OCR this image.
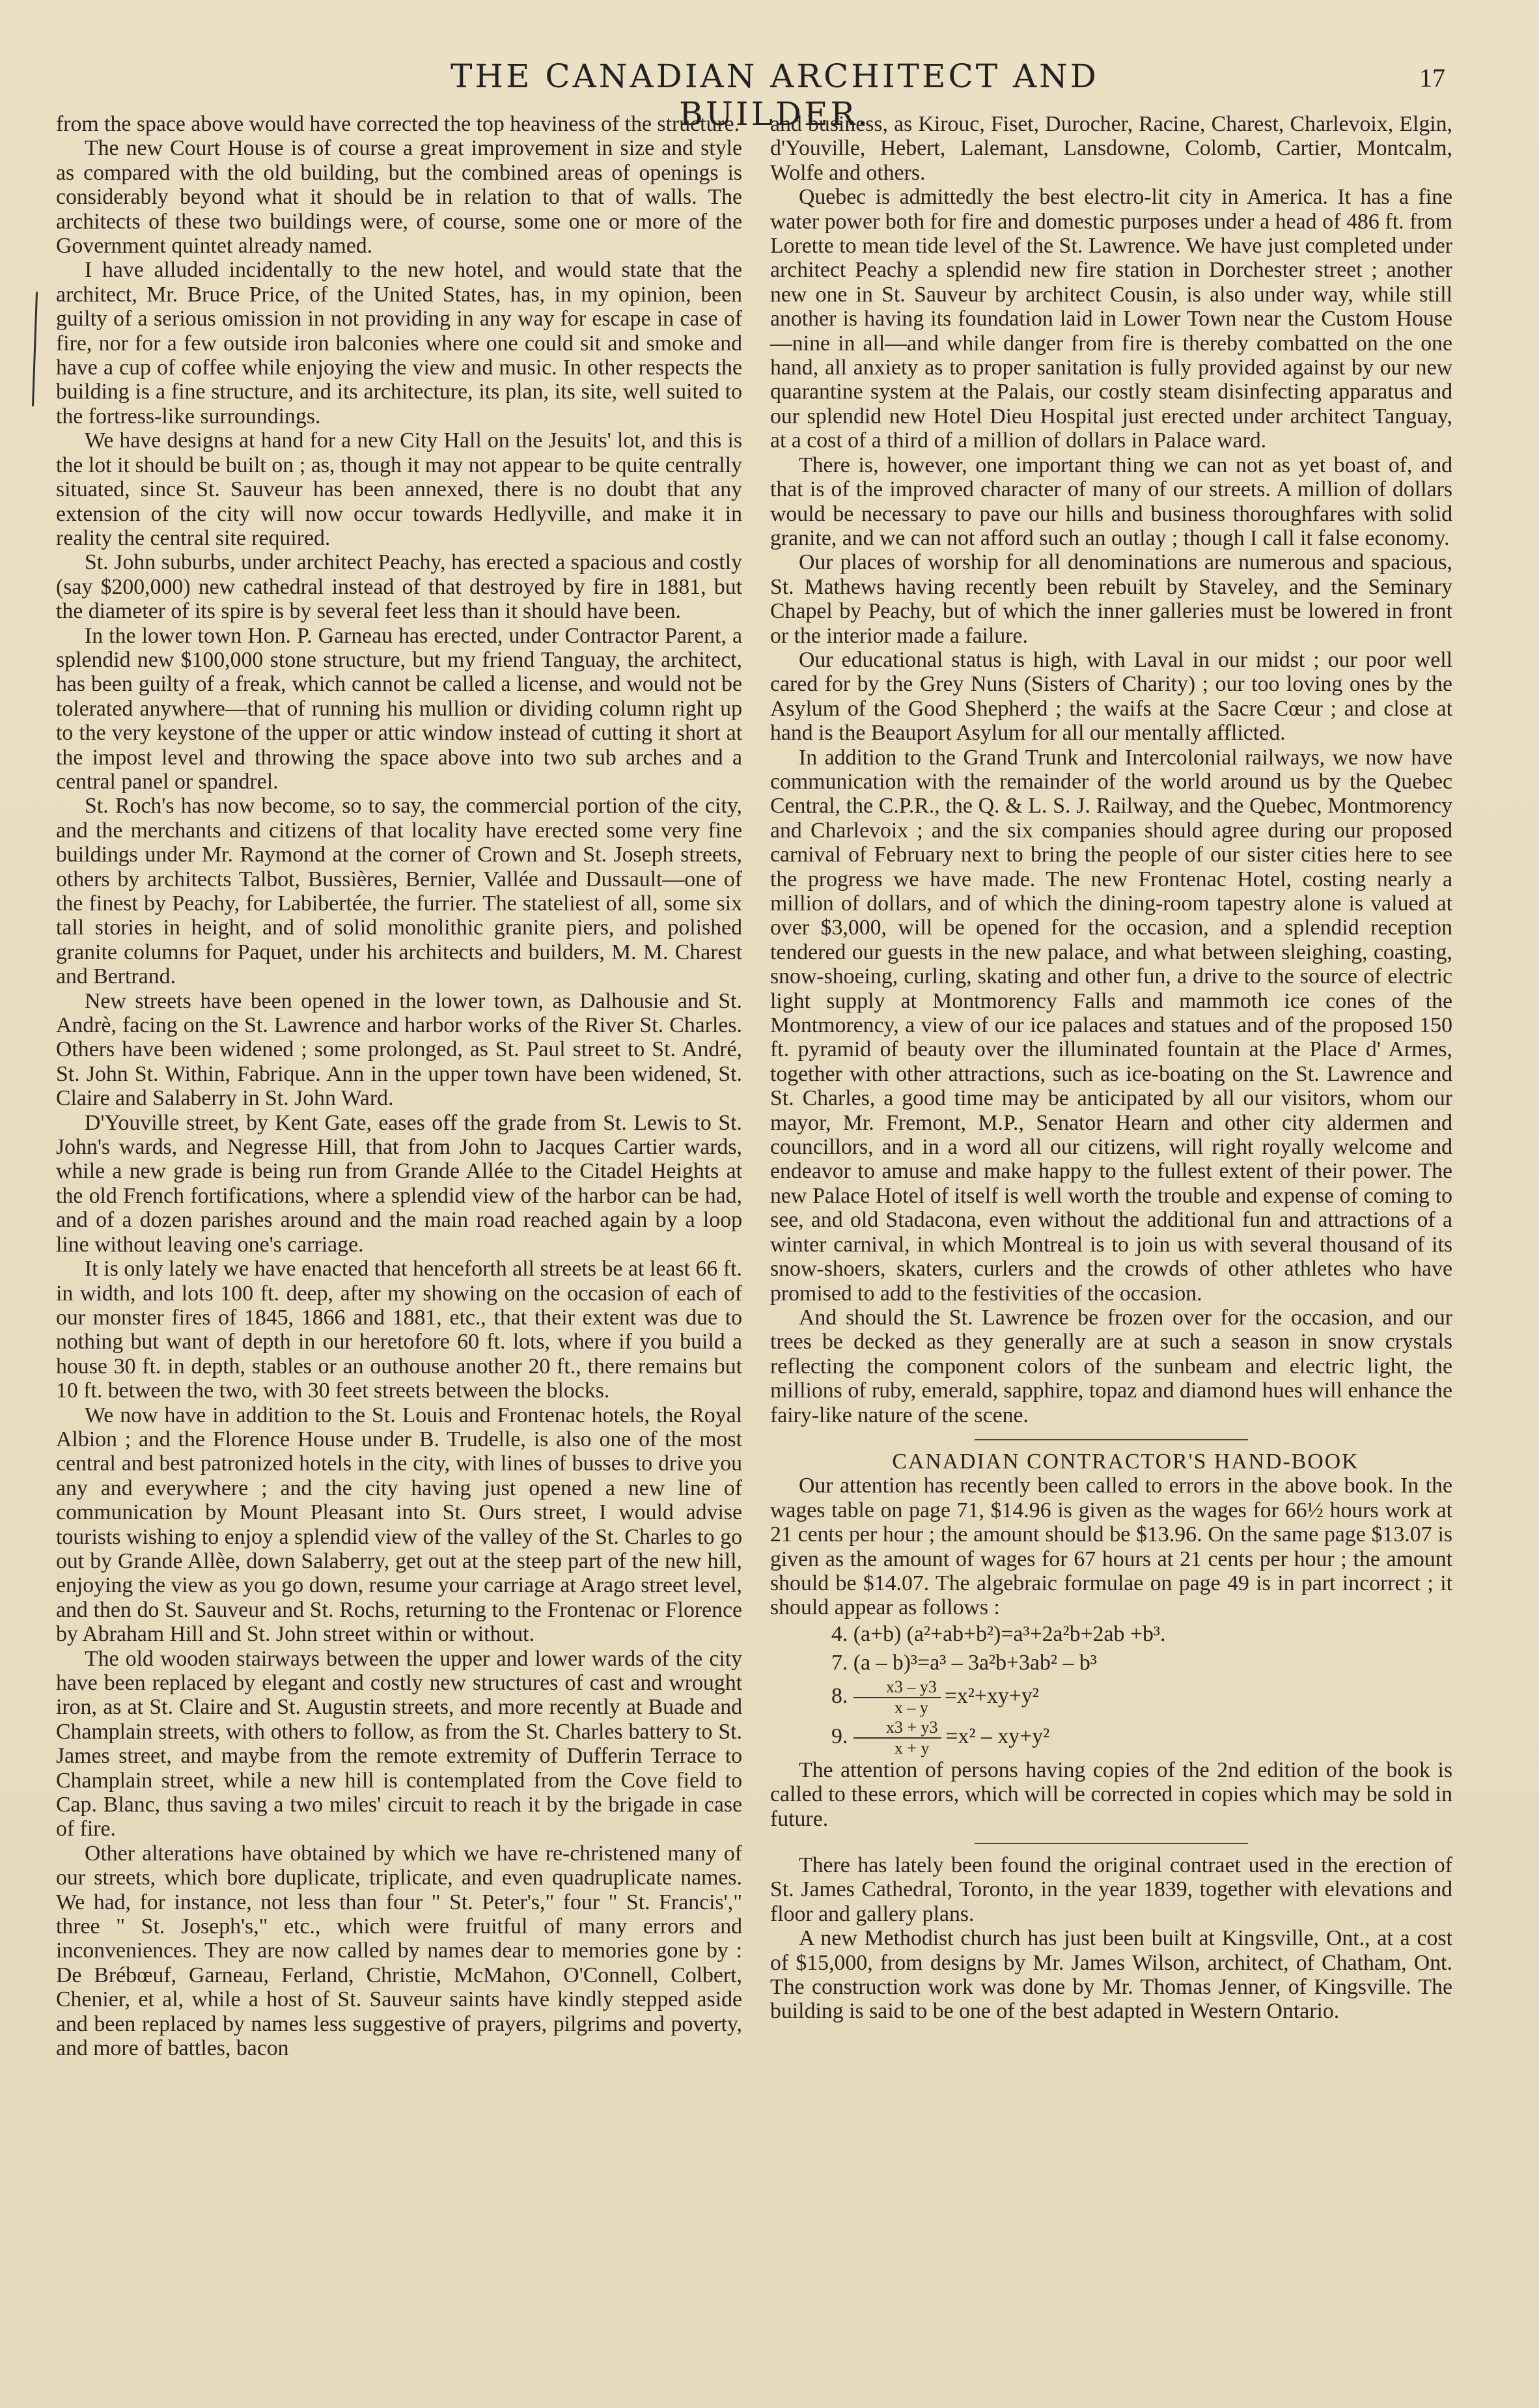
THE CANADIAN ARCHITECT AND BUILDER.
17

from the space above would have corrected the top heaviness of the structure.

The new Court House is of course a great improvement in size and style as compared with the old building, but the combined areas of openings is considerably beyond what it should be in relation to that of walls. The architects of these two buildings were, of course, some one or more of the Government quintet already named.

I have alluded incidentally to the new hotel, and would state that the architect, Mr. Bruce Price, of the United States, has, in my opinion, been guilty of a serious omission in not providing in any way for escape in case of fire, nor for a few outside iron balconies where one could sit and smoke and have a cup of coffee while enjoying the view and music. In other respects the building is a fine structure, and its architecture, its plan, its site, well suited to the fortress-like surroundings.

We have designs at hand for a new City Hall on the Jesuits' lot, and this is the lot it should be built on ; as, though it may not appear to be quite centrally situated, since St. Sauveur has been annexed, there is no doubt that any extension of the city will now occur towards Hedlyville, and make it in reality the central site required.

St. John suburbs, under architect Peachy, has erected a spacious and costly (say $200,000) new cathedral instead of that destroyed by fire in 1881, but the diameter of its spire is by several feet less than it should have been.

In the lower town Hon. P. Garneau has erected, under Contractor Parent, a splendid new $100,000 stone structure, but my friend Tanguay, the architect, has been guilty of a freak, which cannot be called a license, and would not be tolerated anywhere—that of running his mullion or dividing column right up to the very keystone of the upper or attic window instead of cutting it short at the impost level and throwing the space above into two sub arches and a central panel or spandrel.

St. Roch's has now become, so to say, the commercial portion of the city, and the merchants and citizens of that locality have erected some very fine buildings under Mr. Raymond at the corner of Crown and St. Joseph streets, others by architects Talbot, Bussières, Bernier, Vallée and Dussault—one of the finest by Peachy, for Labibertée, the furrier. The stateliest of all, some six tall stories in height, and of solid monolithic granite piers, and polished granite columns for Paquet, under his architects and builders, M. M. Charest and Bertrand.

New streets have been opened in the lower town, as Dalhousie and St. Andrè, facing on the St. Lawrence and harbor works of the River St. Charles. Others have been widened ; some prolonged, as St. Paul street to St. André, St. John St. Within, Fabrique. Ann in the upper town have been widened, St. Claire and Salaberry in St. John Ward.

D'Youville street, by Kent Gate, eases off the grade from St. Lewis to St. John's wards, and Negresse Hill, that from John to Jacques Cartier wards, while a new grade is being run from Grande Allée to the Citadel Heights at the old French fortifications, where a splendid view of the harbor can be had, and of a dozen parishes around and the main road reached again by a loop line without leaving one's carriage.

It is only lately we have enacted that henceforth all streets be at least 66 ft. in width, and lots 100 ft. deep, after my showing on the occasion of each of our monster fires of 1845, 1866 and 1881, etc., that their extent was due to nothing but want of depth in our heretofore 60 ft. lots, where if you build a house 30 ft. in depth, stables or an outhouse another 20 ft., there remains but 10 ft. between the two, with 30 feet streets between the blocks.

We now have in addition to the St. Louis and Frontenac hotels, the Royal Albion ; and the Florence House under B. Trudelle, is also one of the most central and best patronized hotels in the city, with lines of busses to drive you any and everywhere ; and the city having just opened a new line of communication by Mount Pleasant into St. Ours street, I would advise tourists wishing to enjoy a splendid view of the valley of the St. Charles to go out by Grande Allèe, down Salaberry, get out at the steep part of the new hill, enjoying the view as you go down, resume your carriage at Arago street level, and then do St. Sauveur and St. Rochs, returning to the Frontenac or Florence by Abraham Hill and St. John street within or without.

The old wooden stairways between the upper and lower wards of the city have been replaced by elegant and costly new structures of cast and wrought iron, as at St. Claire and St. Augustin streets, and more recently at Buade and Champlain streets, with others to follow, as from the St. Charles battery to St. James street, and maybe from the remote extremity of Dufferin Terrace to Champlain street, while a new hill is contemplated from the Cove field to Cap. Blanc, thus saving a two miles' circuit to reach it by the brigade in case of fire.

Other alterations have obtained by which we have re-christened many of our streets, which bore duplicate, triplicate, and even quadruplicate names. We had, for instance, not less than four " St. Peter's," four " St. Francis'," three " St. Joseph's," etc., which were fruitful of many errors and inconveniences. They are now called by names dear to memories gone by : De Brébœuf, Garneau, Ferland, Christie, McMahon, O'Connell, Colbert, Chenier, et al, while a host of St. Sauveur saints have kindly stepped aside and been replaced by names less suggestive of prayers, pilgrims and poverty, and more of battles, bacon

and business, as Kirouc, Fiset, Durocher, Racine, Charest, Charlevoix, Elgin, d'Youville, Hebert, Lalemant, Lansdowne, Colomb, Cartier, Montcalm, Wolfe and others.

Quebec is admittedly the best electro-lit city in America. It has a fine water power both for fire and domestic purposes under a head of 486 ft. from Lorette to mean tide level of the St. Lawrence. We have just completed under architect Peachy a splendid new fire station in Dorchester street ; another new one in St. Sauveur by architect Cousin, is also under way, while still another is having its foundation laid in Lower Town near the Custom House—nine in all—and while danger from fire is thereby combatted on the one hand, all anxiety as to proper sanitation is fully provided against by our new quarantine system at the Palais, our costly steam disinfecting apparatus and our splendid new Hotel Dieu Hospital just erected under architect Tanguay, at a cost of a third of a million of dollars in Palace ward.

There is, however, one important thing we can not as yet boast of, and that is of the improved character of many of our streets. A million of dollars would be necessary to pave our hills and business thoroughfares with solid granite, and we can not afford such an outlay ; though I call it false economy.

Our places of worship for all denominations are numerous and spacious, St. Mathews having recently been rebuilt by Staveley, and the Seminary Chapel by Peachy, but of which the inner galleries must be lowered in front or the interior made a failure.

Our educational status is high, with Laval in our midst ; our poor well cared for by the Grey Nuns (Sisters of Charity) ; our too loving ones by the Asylum of the Good Shepherd ; the waifs at the Sacre Cœur ; and close at hand is the Beauport Asylum for all our mentally afflicted.

In addition to the Grand Trunk and Intercolonial railways, we now have communication with the remainder of the world around us by the Quebec Central, the C.P.R., the Q. & L. S. J. Railway, and the Quebec, Montmorency and Charlevoix ; and the six companies should agree during our proposed carnival of February next to bring the people of our sister cities here to see the progress we have made. The new Frontenac Hotel, costing nearly a million of dollars, and of which the dining-room tapestry alone is valued at over $3,000, will be opened for the occasion, and a splendid reception tendered our guests in the new palace, and what between sleighing, coasting, snow-shoeing, curling, skating and other fun, a drive to the source of electric light supply at Montmorency Falls and mammoth ice cones of the Montmorency, a view of our ice palaces and statues and of the proposed 150 ft. pyramid of beauty over the illuminated fountain at the Place d' Armes, together with other attractions, such as ice-boating on the St. Lawrence and St. Charles, a good time may be anticipated by all our visitors, whom our mayor, Mr. Fremont, M.P., Senator Hearn and other city aldermen and councillors, and in a word all our citizens, will right royally welcome and endeavor to amuse and make happy to the fullest extent of their power. The new Palace Hotel of itself is well worth the trouble and expense of coming to see, and old Stadacona, even without the additional fun and attractions of a winter carnival, in which Montreal is to join us with several thousand of its snow-shoers, skaters, curlers and the crowds of other athletes who have promised to add to the festivities of the occasion.

And should the St. Lawrence be frozen over for the occasion, and our trees be decked as they generally are at such a season in snow crystals reflecting the component colors of the sunbeam and electric light, the millions of ruby, emerald, sapphire, topaz and diamond hues will enhance the fairy-like nature of the scene.

CANADIAN CONTRACTOR'S HAND-BOOK

Our attention has recently been called to errors in the above book. In the wages table on page 71, $14.96 is given as the wages for 66½ hours work at 21 cents per hour ; the amount should be $13.96. On the same page $13.07 is given as the amount of wages for 67 hours at 21 cents per hour ; the amount should be $14.07. The algebraic formulae on page 49 is in part incorrect ; it should appear as follows :

4. (a+b) (a²+ab+b²)=a³+2a²b+2ab +b³.

7. (a – b)³=a³ – 3a²b+3ab² – b³

8. $\frac{x3 - y3}{x - y} =x^2+xy+y^2$

9. $\frac{x3 + y3}{x + y} =x^2 - xy+y^2$

The attention of persons having copies of the 2nd edition of the book is called to these errors, which will be corrected in copies which may be sold in future.

There has lately been found the original contraet used in the erection of St. James Cathedral, Toronto, in the year 1839, together with elevations and floor and gallery plans.

A new Methodist church has just been built at Kingsville, Ont., at a cost of $15,000, from designs by Mr. James Wilson, architect, of Chatham, Ont. The construction work was done by Mr. Thomas Jenner, of Kingsville. The building is said to be one of the best adapted in Western Ontario.
